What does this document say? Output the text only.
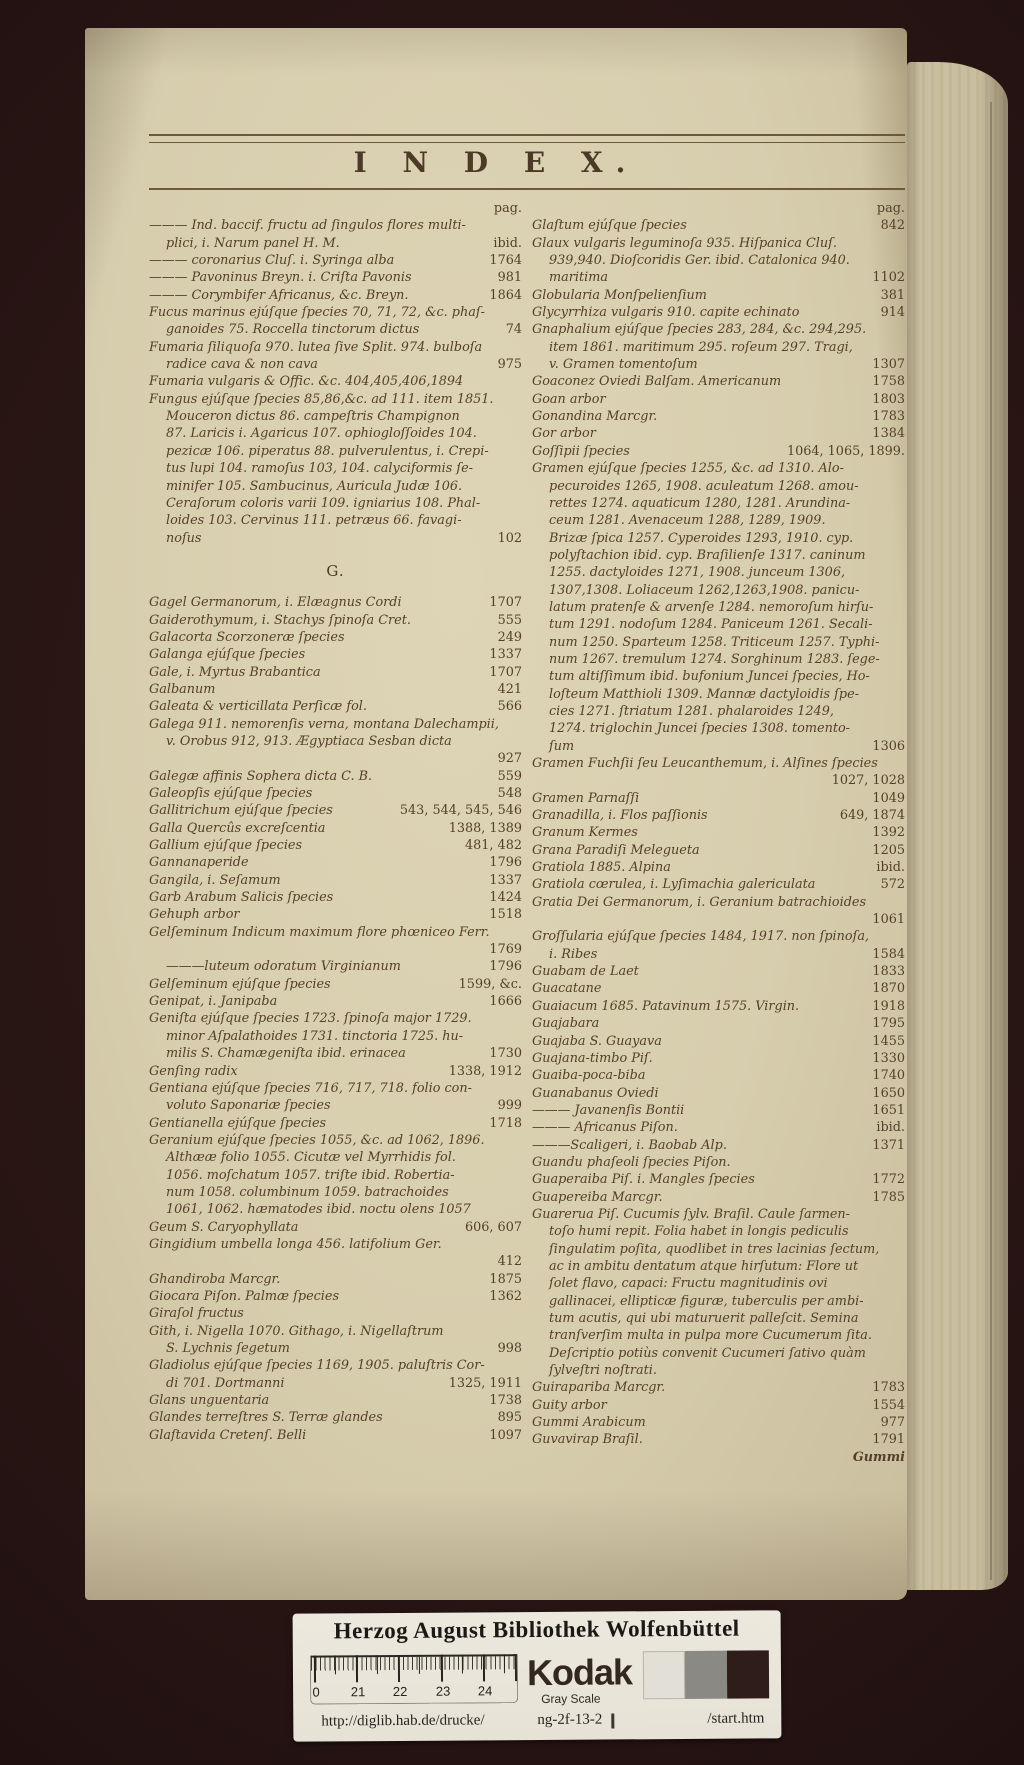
I N D E X.
pag.
——— Ind. baccif. fructu ad ſingulos flores multi-
plici, i. Narum panel H. M.	ibid.
——— coronarius Cluſ. i. Syringa alba	1764
——— Pavoninus Breyn. i. Criſta Pavonis	981
——— Corymbifer Africanus, &c. Breyn.	1864
Fucus marinus ejúſque ſpecies 70, 71, 72, &c. phaſ-
ganoides 75. Roccella tinctorum dictus	74
Fumaria ſiliquoſa 970. lutea ſive Split. 974. bulboſa
radice cava & non cava	975
Fumaria vulgaris & Offic. &c. 404,405,406,1894
Fungus ejúſque ſpecies 85,86,&c. ad 111. item 1851.
Mouceron dictus 86. campeſtris Champignon
87. Laricis i. Agaricus 107. ophiogloſſoides 104.
pezicæ 106. piperatus 88. pulverulentus, i. Crepi-
tus lupi 104. ramoſus 103, 104. calyciformis ſe-
minifer 105. Sambucinus, Auricula Judæ 106.
Ceraſorum coloris varii 109. igniarius 108. Phal-
loides 103. Cervinus 111. petræus 66. favagi-
noſus	102
G.
Gagel Germanorum, i. Elæagnus Cordi	1707
Gaiderothymum, i. Stachys ſpinoſa Cret.	555
Galacorta Scorzoneræ ſpecies	249
Galanga ejúſque ſpecies	1337
Gale, i. Myrtus Brabantica	1707
Galbanum	421
Galeata & verticillata Perſicæ fol.	566
Galega 911. nemorenſis verna, montana Dalechampii,
v. Orobus 912, 913. Ægyptiaca Sesban dicta
927
Galegæ affinis Sophera dicta C. B.	559
Galeopſis ejúſque ſpecies	548
Gallitrichum ejúſque ſpecies	543, 544, 545, 546
Galla Quercûs excreſcentia	1388, 1389
Gallium ejúſque ſpecies	481, 482
Gannanaperide	1796
Gangila, i. Seſamum	1337
Garb Arabum Salicis ſpecies	1424
Gehuph arbor	1518
Gelſeminum Indicum maximum flore phœniceo Ferr.
1769
———luteum odoratum Virginianum	1796
Gelſeminum ejúſque ſpecies	1599, &c.
Genipat, i. Janipaba	1666
Geniſta ejúſque ſpecies 1723. ſpinoſa major 1729.
minor Aſpalathoides 1731. tinctoria 1725. hu-
milis S. Chamægeniſta ibid. erinacea	1730
Genſing radix	1338, 1912
Gentiana ejúſque ſpecies 716, 717, 718. folio con-
voluto Saponariæ ſpecies	999
Gentianella ejúſque ſpecies	1718
Geranium ejúſque ſpecies 1055, &c. ad 1062, 1896.
Althææ folio 1055. Cicutæ vel Myrrhidis fol.
1056. moſchatum 1057. triſte ibid. Robertia-
num 1058. columbinum 1059. batrachoides
1061, 1062. hæmatodes ibid. noctu olens 1057
Geum S. Caryophyllata	606, 607
Gingidium umbella longa 456. latifolium Ger.
412
Ghandiroba Marcgr.	1875
Giocara Piſon. Palmæ ſpecies	1362
Giraſol fructus
Gith, i. Nigella 1070. Githago, i. Nigellaſtrum
S. Lychnis ſegetum	998
Gladiolus ejúſque ſpecies 1169, 1905. paluſtris Cor-
di 701. Dortmanni	1325, 1911
Glans unguentaria	1738
Glandes terreſtres S. Terræ glandes	895
Glaſtavida Cretenſ. Belli	1097
pag.
Glaſtum ejúſque ſpecies	842
Glaux vulgaris leguminoſa 935. Hiſpanica Cluſ.
939,940. Dioſcoridis Ger. ibid. Catalonica 940.
maritima	1102
Globularia Monſpelienſium	381
Glycyrrhiza vulgaris 910. capite echinato	914
Gnaphalium ejúſque ſpecies 283, 284, &c. 294,295.
item 1861. maritimum 295. roſeum 297. Tragi,
v. Gramen tomentoſum	1307
Goaconez Oviedi Balſam. Americanum	1758
Goan arbor	1803
Gonandina Marcgr.	1783
Gor arbor	1384
Goſſipii ſpecies	1064, 1065, 1899.
Gramen ejúſque ſpecies 1255, &c. ad 1310. Alo-
pecuroides 1265, 1908. aculeatum 1268. amou-
rettes 1274. aquaticum 1280, 1281. Arundina-
ceum 1281. Avenaceum 1288, 1289, 1909.
Brizæ ſpica 1257. Cyperoides 1293, 1910. cyp.
polyſtachion ibid. cyp. Braſilienſe 1317. caninum
1255. dactyloides 1271, 1908. junceum 1306,
1307,1308. Loliaceum 1262,1263,1908. panicu-
latum pratenſe & arvenſe 1284. nemoroſum hirſu-
tum 1291. nodoſum 1284. Paniceum 1261. Secali-
num 1250. Sparteum 1258. Triticeum 1257. Typhi-
num 1267. tremulum 1274. Sorghinum 1283. ſege-
tum altiſſimum ibid. bufonium Juncei ſpecies, Ho-
loſteum Matthioli 1309. Mannæ dactyloidis ſpe-
cies 1271. ſtriatum 1281. phalaroides 1249,
1274. triglochin Juncei ſpecies 1308. tomento-
ſum	1306
Gramen Fuchſii ſeu Leucanthemum, i. Alſines ſpecies
1027, 1028
Gramen Parnaſſi	1049
Granadilla, i. Flos paſſionis	649, 1874
Granum Kermes	1392
Grana Paradiſi Melegueta	1205
Gratiola 1885. Alpina	ibid.
Gratiola cœrulea, i. Lyſimachia galericulata	572
Gratia Dei Germanorum, i. Geranium batrachioides
1061
Groſſularia ejúſque ſpecies 1484, 1917. non ſpinoſa,
i. Ribes	1584
Guabam de Laet	1833
Guacatane	1870
Guaiacum 1685. Patavinum 1575. Virgin.	1918
Guajabara	1795
Guajaba S. Guayava	1455
Guajana-timbo Piſ.	1330
Guaiba-poca-biba	1740
Guanabanus Oviedi	1650
——— Javanenſis Bontii	1651
——— Africanus Piſon.	ibid.
———Scaligeri, i. Baobab Alp.	1371
Guandu phaſeoli ſpecies Piſon.
Guaperaiba Piſ. i. Mangles ſpecies	1772
Guapereiba Marcgr.	1785
Guarerua Piſ. Cucumis ſylv. Braſil. Caule ſarmen-
toſo humi repit. Folia habet in longis pediculis
ſingulatim poſita, quodlibet in tres lacinias ſectum,
ac in ambitu dentatum atque hirſutum: Flore ut
ſolet flavo, capaci: Fructu magnitudinis ovi
gallinacei, ellipticæ figuræ, tuberculis per ambi-
tum acutis, qui ubi maturuerit palleſcit. Semina
tranſverſim multa in pulpa more Cucumerum ſita.
Deſcriptio potiùs convenit Cucumeri ſativo quàm
ſylveſtri noſtrati.
Guirapariba Marcgr.	1783
Guity arbor	1554
Gummi Arabicum	977
Guvavirap Braſil.	1791
Gummi
Herzog August Bibliothek Wolfenbüttel
0 21 22 23 24 Kodak
Gray Scale
http://diglib.hab.de/drucke/	ng-2f-13-2	/start.htm
